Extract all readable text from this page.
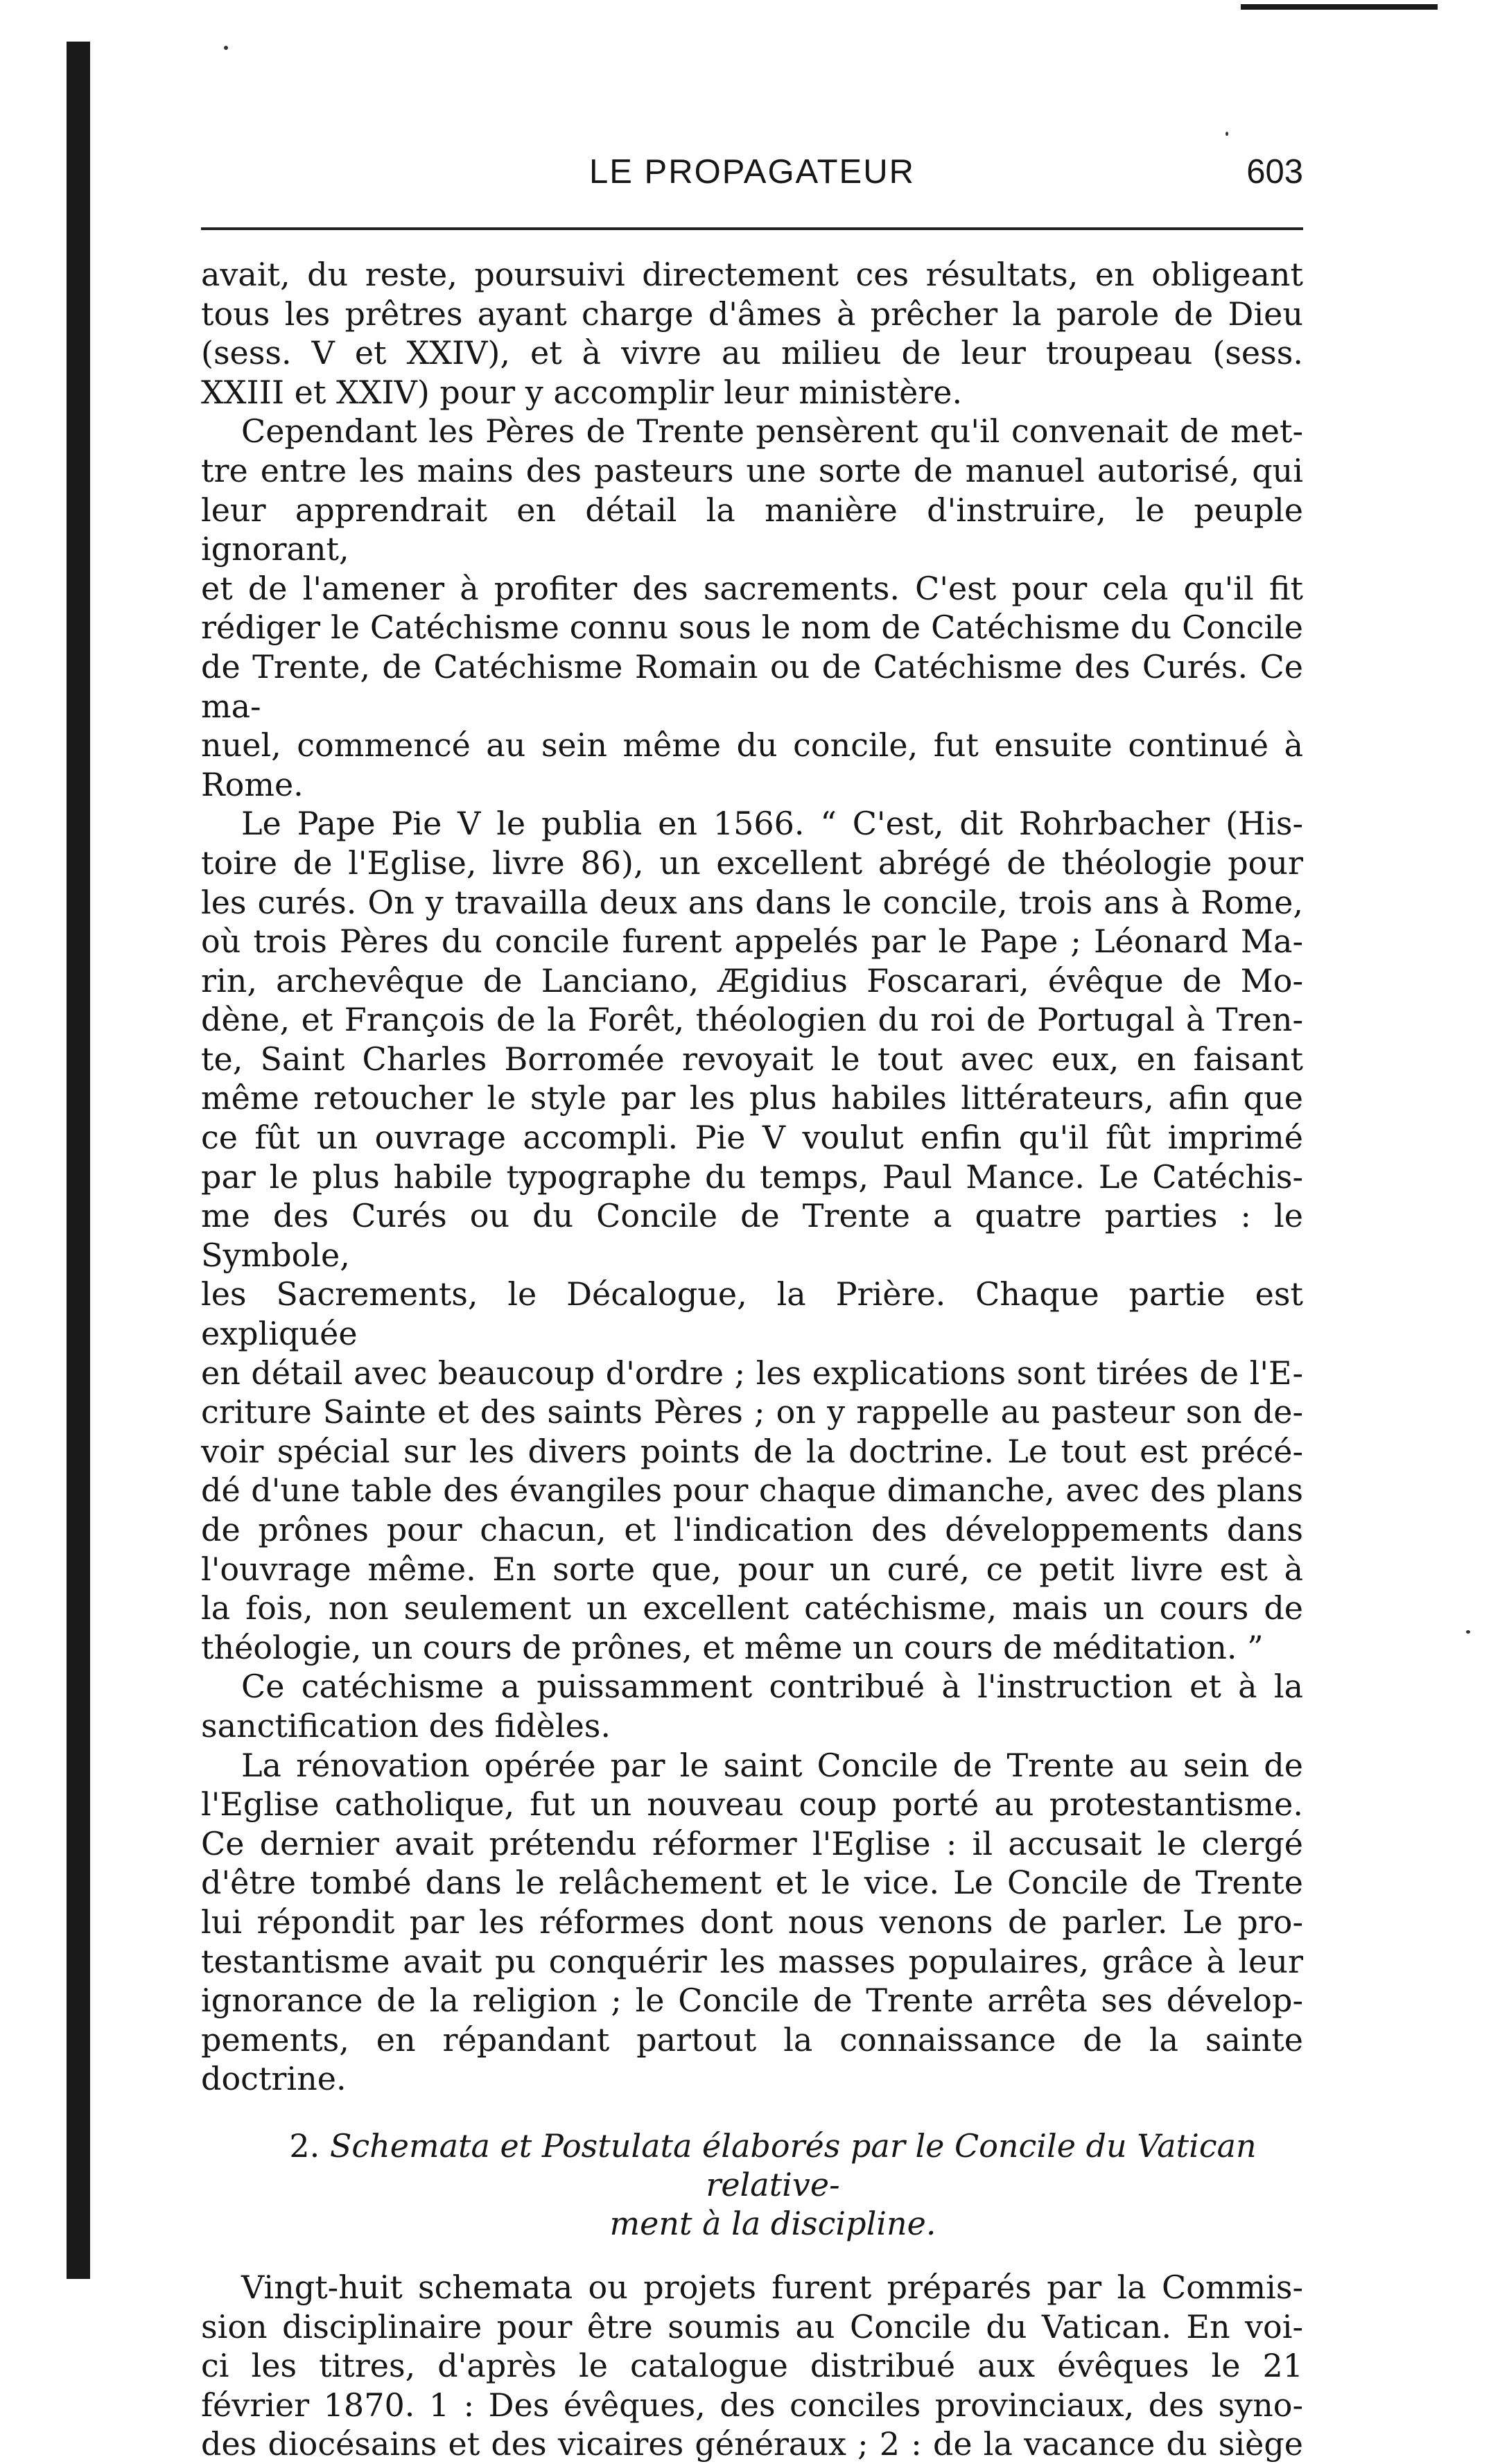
LE PROPAGATEUR	603

avait, du reste, poursuivi directement ces résultats, en obligeant

tous les prêtres ayant charge d'âmes à prêcher la parole de Dieu

(sess. V et XXIV), et à vivre au milieu de leur troupeau (sess.

XXIII et XXIV) pour y accomplir leur ministère.

Cependant les Pères de Trente pensèrent qu'il convenait de met-

tre entre les mains des pasteurs une sorte de manuel autorisé, qui

leur apprendrait en détail la manière d'instruire, le peuple ignorant,

et de l'amener à profiter des sacrements. C'est pour cela qu'il fit

rédiger le Catéchisme connu sous le nom de Catéchisme du Concile

de Trente, de Catéchisme Romain ou de Catéchisme des Curés. Ce ma-

nuel, commencé au sein même du concile, fut ensuite continué à

Rome.

Le Pape Pie V le publia en 1566. “ C'est, dit Rohrbacher (His-

toire de l'Eglise, livre 86), un excellent abrégé de théologie pour

les curés. On y travailla deux ans dans le concile, trois ans à Rome,

où trois Pères du concile furent appelés par le Pape ; Léonard Ma-

rin, archevêque de Lanciano, Ægidius Foscarari, évêque de Mo-

dène, et François de la Forêt, théologien du roi de Portugal à Tren-

te, Saint Charles Borromée revoyait le tout avec eux, en faisant

même retoucher le style par les plus habiles littérateurs, afin que

ce fût un ouvrage accompli. Pie V voulut enfin qu'il fût imprimé

par le plus habile typographe du temps, Paul Mance. Le Catéchis-

me des Curés ou du Concile de Trente a quatre parties : le Symbole,

les Sacrements, le Décalogue, la Prière. Chaque partie est expliquée

en détail avec beaucoup d'ordre ; les explications sont tirées de l'E-

criture Sainte et des saints Pères ; on y rappelle au pasteur son de-

voir spécial sur les divers points de la doctrine. Le tout est précé-

dé d'une table des évangiles pour chaque dimanche, avec des plans

de prônes pour chacun, et l'indication des développements dans

l'ouvrage même. En sorte que, pour un curé, ce petit livre est à

la fois, non seulement un excellent catéchisme, mais un cours de

théologie, un cours de prônes, et même un cours de méditation. ”

Ce catéchisme a puissamment contribué à l'instruction et à la

sanctification des fidèles.

La rénovation opérée par le saint Concile de Trente au sein de

l'Eglise catholique, fut un nouveau coup porté au protestantisme.

Ce dernier avait prétendu réformer l'Eglise : il accusait le clergé

d'être tombé dans le relâchement et le vice. Le Concile de Trente

lui répondit par les réformes dont nous venons de parler. Le pro-

testantisme avait pu conquérir les masses populaires, grâce à leur

ignorance de la religion ; le Concile de Trente arrêta ses dévelop-

pements, en répandant partout la connaissance de la sainte doctrine.

2. Schemata et Postulata élaborés par le Concile du Vatican relative-
ment à la discipline.

Vingt-huit schemata ou projets furent préparés par la Commis-

sion disciplinaire pour être soumis au Concile du Vatican. En voi-

ci les titres, d'après le catalogue distribué aux évêques le 21

février 1870. 1 : Des évêques, des conciles provinciaux, des syno-

des diocésains et des vicaires généraux ; 2 : de la vacance du siège
